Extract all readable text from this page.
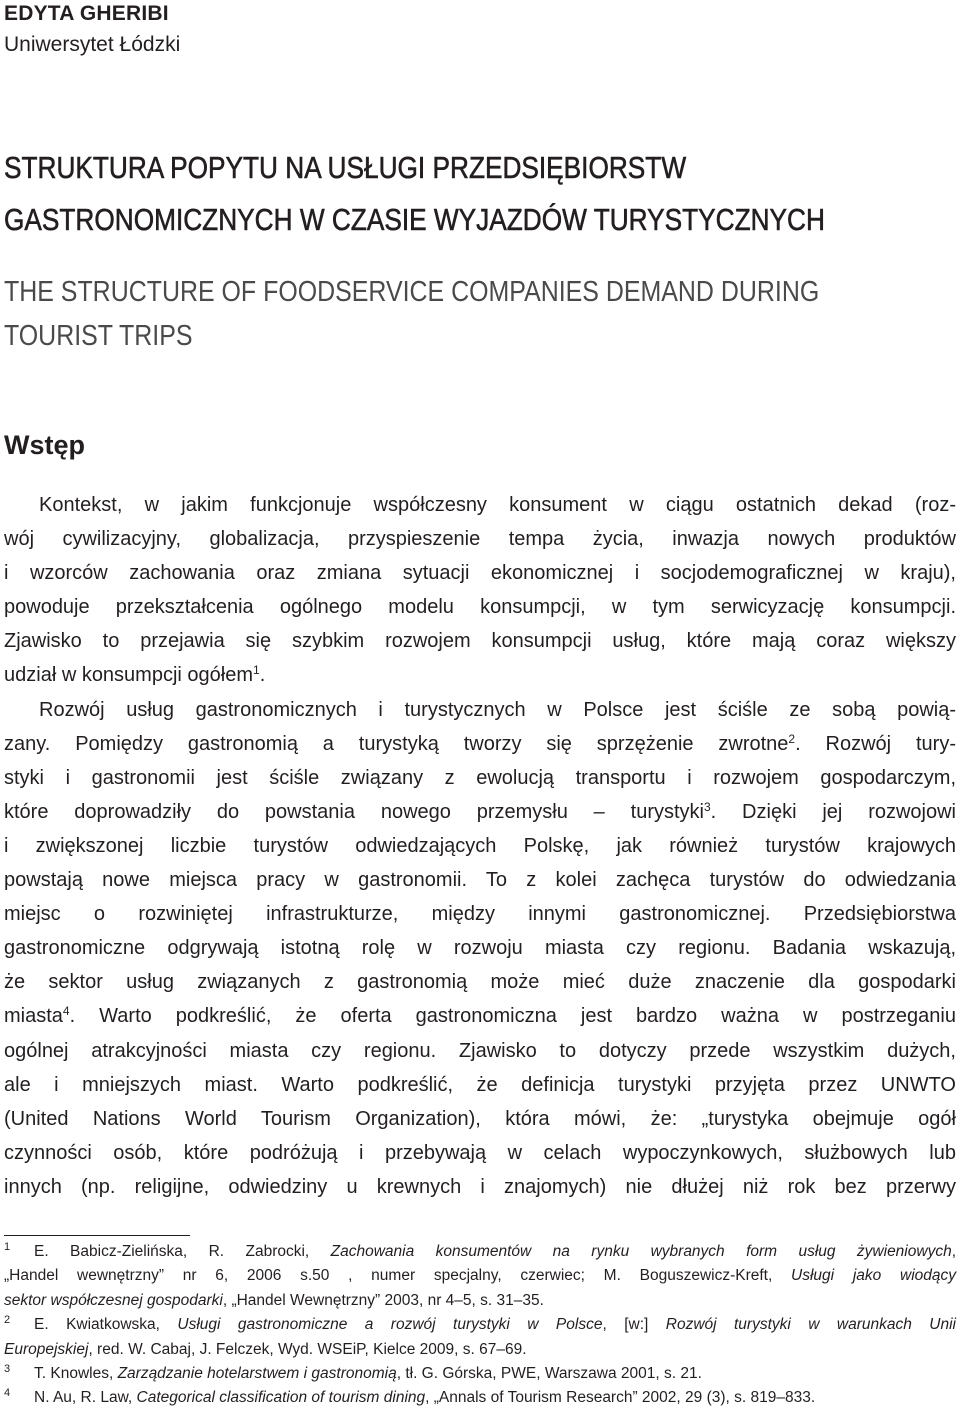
EDYTA GHERIBI
Uniwersytet Łódzki
STRUKTURA POPYTU NA USŁUGI PRZEDSIĘBIORSTW
GASTRONOMICZNYCH W CZASIE WYJAZDÓW TURYSTYCZNYCH
THE STRUCTURE OF FOODSERVICE COMPANIES DEMAND DURING
TOURIST TRIPS
Wstęp
Kontekst, w jakim funkcjonuje współczesny konsument w ciągu ostatnich dekad (roz-
wój cywilizacyjny, globalizacja, przyspieszenie tempa życia, inwazja nowych produktów
i wzorców zachowania oraz zmiana sytuacji ekonomicznej i socjodemograficznej w kraju),
powoduje przekształcenia ogólnego modelu konsumpcji, w tym serwicyzację konsumpcji.
Zjawisko to przejawia się szybkim rozwojem konsumpcji usług, które mają coraz większy
udział w konsumpcji ogółem$^1$.
Rozwój usług gastronomicznych i turystycznych w Polsce jest ściśle ze sobą powią-
zany. Pomiędzy gastronomią a turystyką tworzy się sprzężenie zwrotne$^2$. Rozwój tury-
styki i gastronomii jest ściśle związany z ewolucją transportu i rozwojem gospodarczym,
które doprowadziły do powstania nowego przemysłu – turystyki$^3$. Dzięki jej rozwojowi
i zwiększonej liczbie turystów odwiedzających Polskę, jak również turystów krajowych
powstają nowe miejsca pracy w gastronomii. To z kolei zachęca turystów do odwiedzania
miejsc o rozwiniętej infrastrukturze, między innymi gastronomicznej. Przedsiębiorstwa
gastronomiczne odgrywają istotną rolę w rozwoju miasta czy regionu. Badania wskazują,
że sektor usług związanych z gastronomią może mieć duże znaczenie dla gospodarki
miasta$^4$. Warto podkreślić, że oferta gastronomiczna jest bardzo ważna w postrzeganiu
ogólnej atrakcyjności miasta czy regionu. Zjawisko to dotyczy przede wszystkim dużych,
ale i mniejszych miast. Warto podkreślić, że definicja turystyki przyjęta przez UNWTO
(United Nations World Tourism Organization), która mówi, że: „turystyka obejmuje ogół
czynności osób, które podróżują i przebywają w celach wypoczynkowych, służbowych lub
innych (np. religijne, odwiedziny u krewnych i znajomych) nie dłużej niż rok bez przerwy
1 E. Babicz-Zielińska, R. Zabrocki, Zachowania konsumentów na rynku wybranych form usług żywieniowych,
„Handel wewnętrzny” nr 6, 2006 s.50 , numer specjalny, czerwiec; M. Boguszewicz-Kreft, Usługi jako wiodący
sektor współczesnej gospodarki, „Handel Wewnętrzny” 2003, nr 4–5, s. 31–35.
2 E. Kwiatkowska, Usługi gastronomiczne a rozwój turystyki w Polsce, [w:] Rozwój turystyki w warunkach Unii
Europejskiej, red. W. Cabaj, J. Felczek, Wyd. WSEiP, Kielce 2009, s. 67–69.
3 T. Knowles, Zarządzanie hotelarstwem i gastronomią, tł. G. Górska, PWE, Warszawa 2001, s. 21.
4 N. Au, R. Law, Categorical classification of tourism dining, „Annals of Tourism Research” 2002, 29 (3), s. 819–833.
